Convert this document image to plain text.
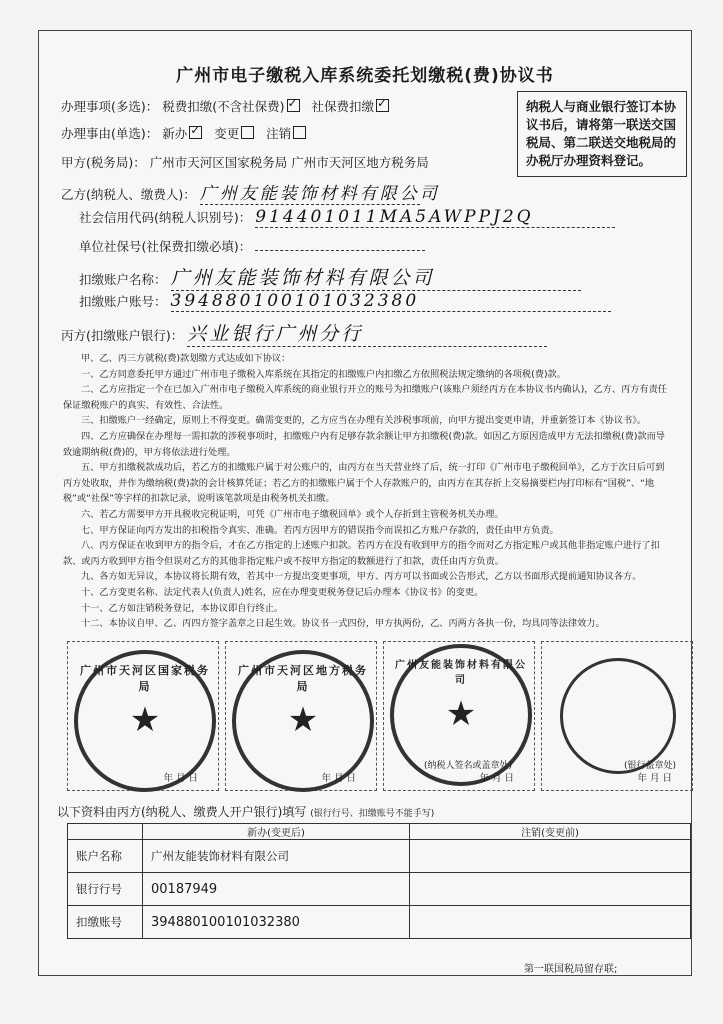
广州市电子缴税入库系统委托划缴税(费)协议书
办理事项(多选)： 税费扣缴(不含社保费) ✓ 社保费扣缴✓
办理事由(单选)： 新办 ✓ 变更 注销
纳税人与商业银行签订本协议书后，请将第一联送交国税局、第二联送交地税局的办税厅办理资料登记。
甲方(税务局)： 广州市天河区国家税务局 广州市天河区地方税务局
乙方(纳税人、缴费人)： 广州友能装饰材料有限公司
社会信用代码(纳税人识别号)： 914401011MA5AWPPJ2Q
单位社保号(社保费扣缴必填)：
扣缴账户名称： 广州友能装饰材料有限公司
扣缴账户账号： 394880100101032380
丙方(扣缴账户银行)： 兴业银行广州分行

甲、乙、丙三方就税(费)款划缴方式达成如下协议：

一、乙方同意委托甲方通过广州市电子缴税入库系统在其指定的扣缴账户内扣缴乙方依照税法规定缴纳的各项税(费)款。

二、乙方应指定一个在已加入广州市电子缴税入库系统的商业银行开立的账号为扣缴账户(该账户须经丙方在本协议书内确认)，乙方、丙方有责任保证缴税账户的真实、有效性、合法性。

三、扣缴账户一经确定，原则上不得变更。确需变更的，乙方应当在办理有关涉税事项前，向甲方提出变更申请，并重新签订本《协议书》。

四、乙方应确保在办理每一需扣款的涉税事项时，扣缴账户内有足够存款余额让甲方扣缴税(费)款。如因乙方原因造成甲方无法扣缴税(费)款而导致逾期纳税(费)的，甲方将依法进行处理。

五、甲方扣缴税款成功后，若乙方的扣缴账户属于对公账户的，由丙方在当天营业终了后，统一打印《广州市电子缴税回单》，乙方于次日后可到丙方处收取，并作为缴纳税(费)款的会计核算凭证；若乙方的扣缴账户属于个人存款账户的，由丙方在其存折上交易摘要栏内打印标有“国税”、“地税”或“社保”等字样的扣款记录，说明该笔款项是由税务机关扣缴。

六、若乙方需要甲方开具税收完税证明，可凭《广州市电子缴税回单》或个人存折到主管税务机关办理。

七、甲方保证向丙方发出的扣税指令真实、准确。若丙方因甲方的错误指令而误扣乙方账户存款的，责任由甲方负责。

八、丙方保证在收到甲方的指令后，才在乙方指定的上述账户扣款。若丙方在没有收到甲方的指令而对乙方指定账户或其他非指定账户进行了扣款、或丙方收到甲方指令但误对乙方的其他非指定账户或不按甲方指定的数额进行了扣款，责任由丙方负责。

九、各方如无异议，本协议将长期有效，若其中一方提出变更事项，甲方、丙方可以书面或公告形式，乙方以书面形式提前通知协议各方。

十、乙方变更名称、法定代表人(负责人)姓名，应在办理变更税务登记后办理本《协议书》的变更。

十一、乙方如注销税务登记，本协议即自行终止。

十二、本协议自甲、乙、丙四方签字盖章之日起生效。协议书一式四份，甲方执两份，乙、丙两方各执一份，均具同等法律效力。

广州市天河区国家税务局
★
年 月 日
广州市天河区地方税务局
★
年 月 日
广州友能装饰材料有限公司
★
(纳税人签名或盖章处)
年 月 日
(银行盖章处)
年 月 日
以下资料由丙方(纳税人、缴费人开户银行)填写 (银行行号、扣缴账号不能手写)
	新办(变更后)	注销(变更前)
账户名称	广州友能装饰材料有限公司	
银行行号	00187949	
扣缴账号	394880100101032380	
第一联国税局留存联;
